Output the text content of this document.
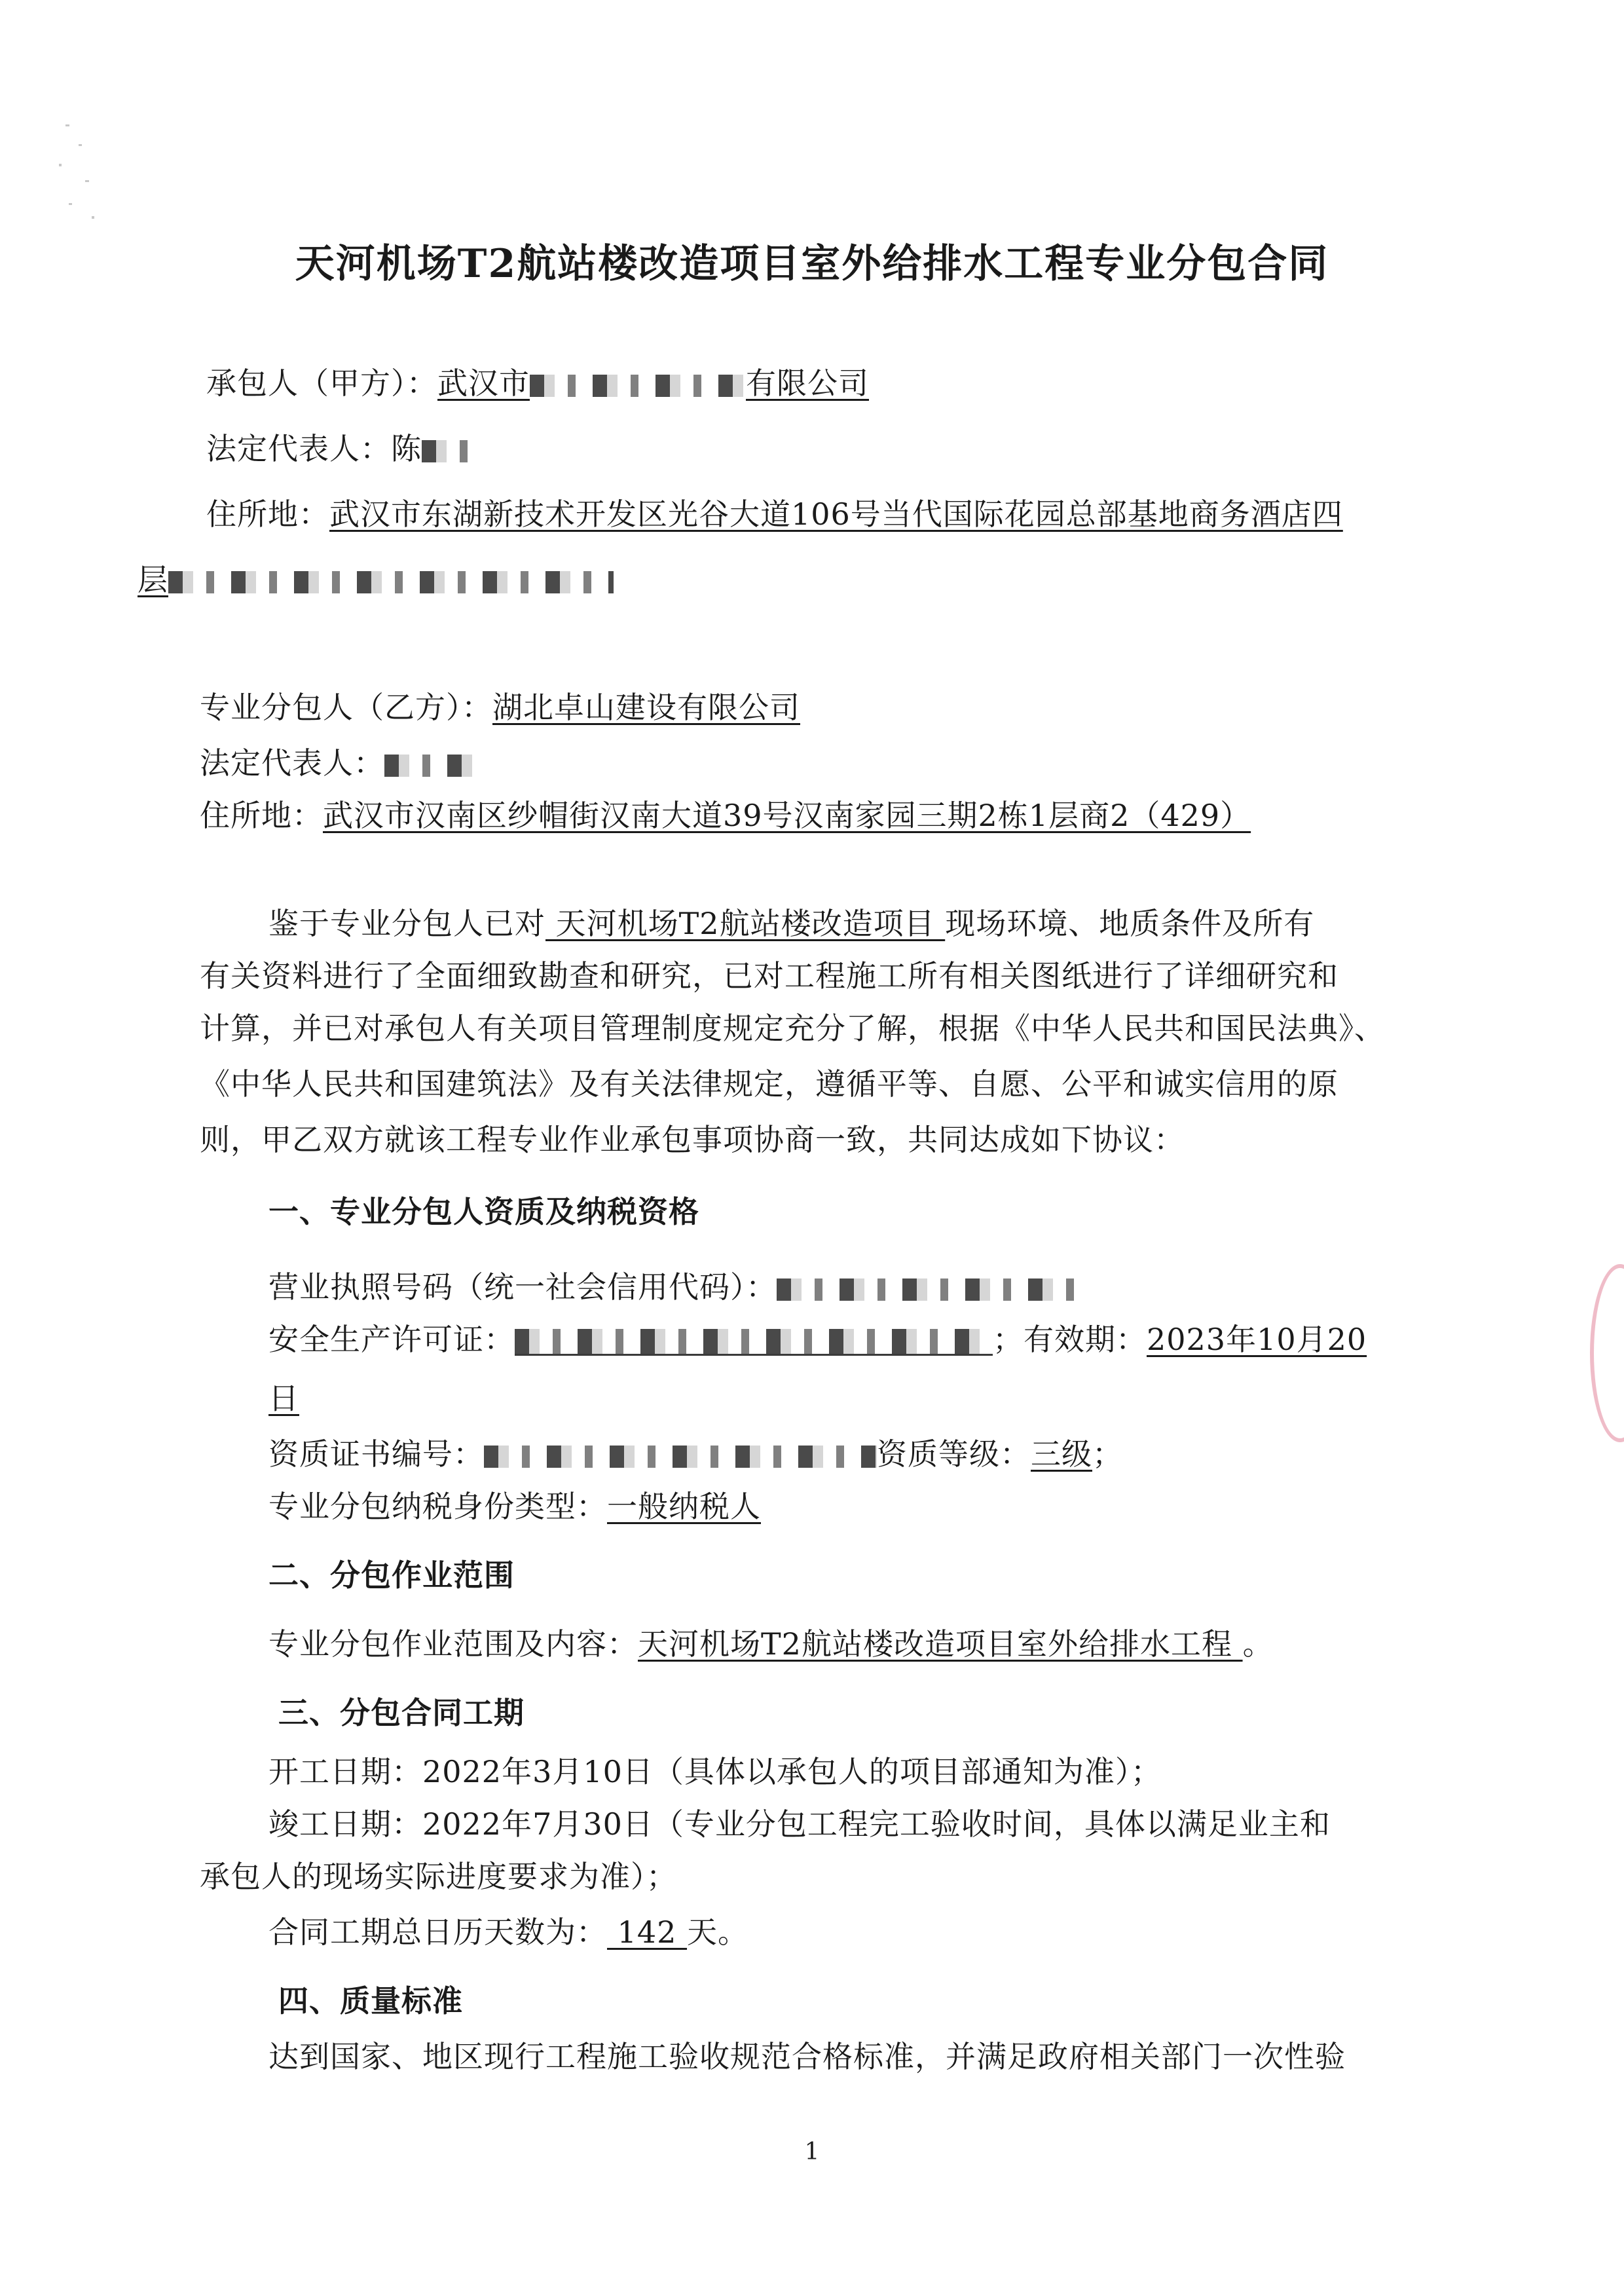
天河机场T2航站楼改造项目室外给排水工程专业分包合同
承包人（甲方）：武汉市	有限公司
法定代表人：陈
住所地：武汉市东湖新技术开发区光谷大道106号当代国际花园总部基地商务酒店四
层
专业分包人（乙方）：湖北卓山建设有限公司
法定代表人：
住所地：武汉市汉南区纱帽街汉南大道39号汉南家园三期2栋1层商2（429）
鉴于专业分包人已对 天河机场T2航站楼改造项目 现场环境、地质条件及所有
有关资料进行了全面细致勘查和研究，已对工程施工所有相关图纸进行了详细研究和
计算，并已对承包人有关项目管理制度规定充分了解，根据《中华人民共和国民法典》、
《中华人民共和国建筑法》及有关法律规定，遵循平等、自愿、公平和诚实信用的原
则，甲乙双方就该工程专业作业承包事项协商一致，共同达成如下协议：
一、专业分包人资质及纳税资格
营业执照号码（统一社会信用代码）：
安全生产许可证：	；有效期：2023年10月20
日
资质证书编号：	资质等级：三级；
专业分包纳税身份类型：一般纳税人
二、分包作业范围
专业分包作业范围及内容：天河机场T2航站楼改造项目室外给排水工程 。
三、分包合同工期
开工日期：2022年3月10日（具体以承包人的项目部通知为准）；
竣工日期：2022年7月30日（专业分包工程完工验收时间，具体以满足业主和
承包人的现场实际进度要求为准）；
合同工期总日历天数为： 142 天。
四、质量标准
达到国家、地区现行工程施工验收规范合格标准，并满足政府相关部门一次性验
1
